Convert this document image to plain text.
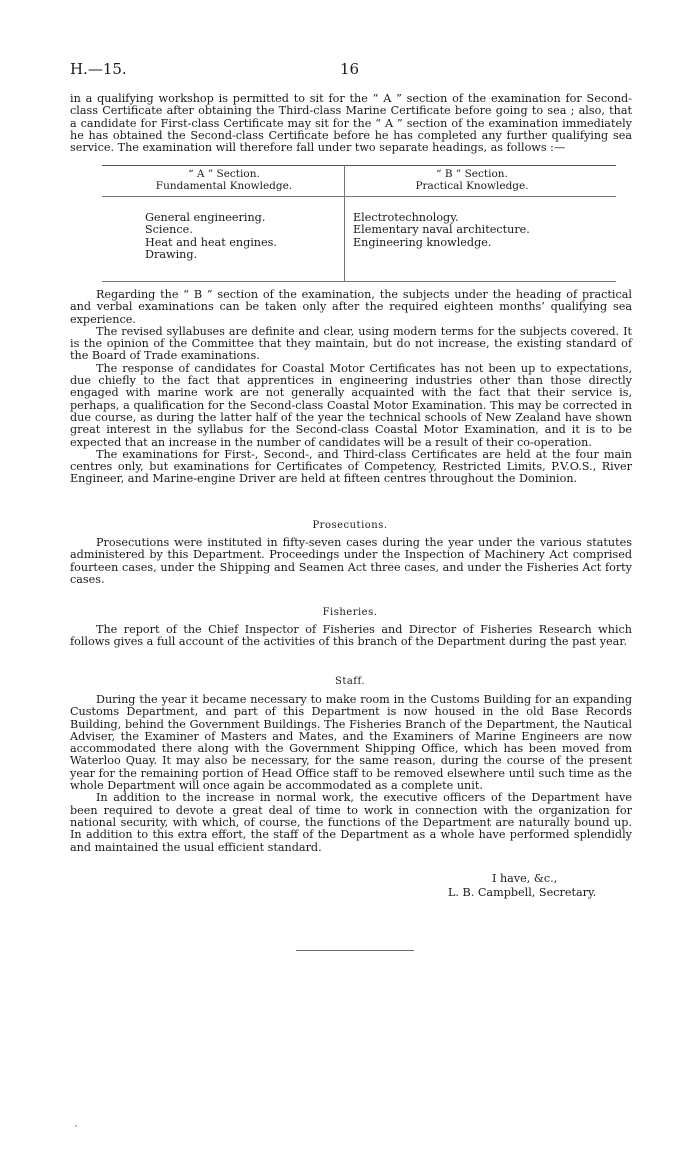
H.—15.	16

in a qualifying workshop is permitted to sit for the “ A ” section of the examination for Second-class Certificate after obtaining the Third-class Marine Certificate before going to sea ; also, that a candidate for First-class Certificate may sit for the “ A ” section of the examination immediately he has obtained the Second-class Certificate before he has completed any further qualifying sea service. The examination will therefore fall under two separate headings, as follows :—

“ A ” Section.
Fundamental Knowledge.
“ B ” Section.
Practical Knowledge.
General engineering.
Science.
Heat and heat engines.
Drawing.
Electrotechnology.
Elementary naval architecture.
Engineering knowledge.

Regarding the “ B ” section of the examination, the subjects under the heading of practical and verbal examinations can be taken only after the required eighteen months’ qualifying sea experience.

The revised syllabuses are definite and clear, using modern terms for the subjects covered. It is the opinion of the Committee that they maintain, but do not increase, the existing standard of the Board of Trade examinations.

The response of candidates for Coastal Motor Certificates has not been up to expectations, due chiefly to the fact that apprentices in engineering industries other than those directly engaged with marine work are not generally acquainted with the fact that their service is, perhaps, a qualification for the Second-class Coastal Motor Examination. This may be corrected in due course, as during the latter half of the year the technical schools of New Zealand have shown great interest in the syllabus for the Second-class Coastal Motor Examination, and it is to be expected that an increase in the number of candidates will be a result of their co-operation.

The examinations for First-, Second-, and Third-class Certificates are held at the four main centres only, but examinations for Certificates of Competency, Restricted Limits, P.V.O.S., River Engineer, and Marine-engine Driver are held at fifteen centres throughout the Dominion.

Prosecutions.

Prosecutions were instituted in fifty-seven cases during the year under the various statutes administered by this Department. Proceedings under the Inspection of Machinery Act comprised fourteen cases, under the Shipping and Seamen Act three cases, and under the Fisheries Act forty cases.

Fisheries.

The report of the Chief Inspector of Fisheries and Director of Fisheries Research which follows gives a full account of the activities of this branch of the Department during the past year.

Staff.

During the year it became necessary to make room in the Customs Building for an expanding Customs Department, and part of this Department is now housed in the old Base Records Building, behind the Government Buildings. The Fisheries Branch of the Department, the Nautical Adviser, the Examiner of Masters and Mates, and the Examiners of Marine Engineers are now accommodated there along with the Government Shipping Office, which has been moved from Waterloo Quay. It may also be necessary, for the same reason, during the course of the present year for the remaining portion of Head Office staff to be removed elsewhere until such time as the whole Department will once again be accommodated as a complete unit.

In addition to the increase in normal work, the executive officers of the Department have been required to devote a great deal of time to work in connection with the organization for national security, with which, of course, the functions of the Department are naturally bound up. In addition to this extra effort, the staff of the Department as a whole have performed splendidly and maintained the usual efficient standard.

I have, &c.,
L. B. Campbell, Secretary.
